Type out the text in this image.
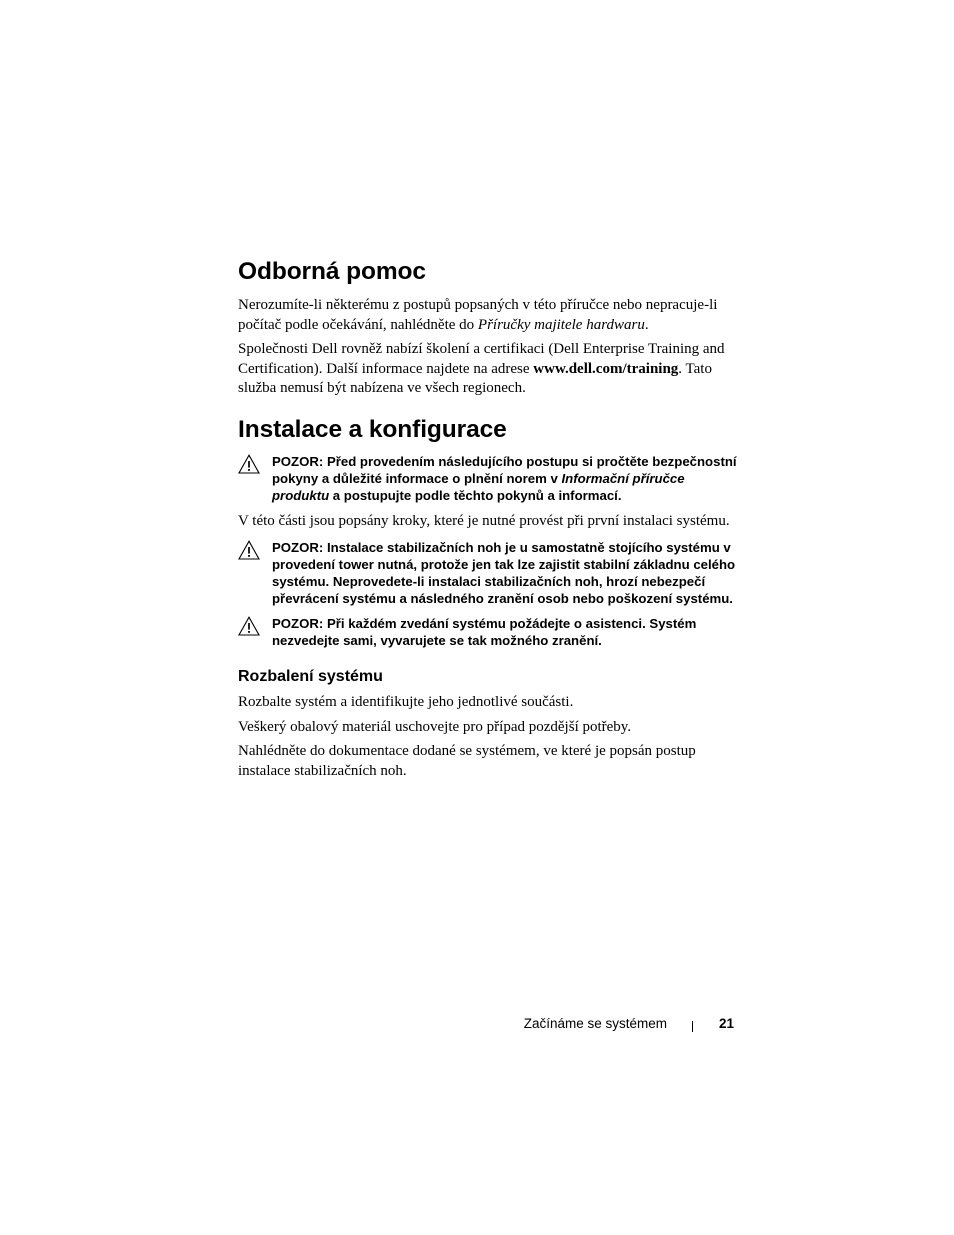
Odborná pomoc

Nerozumíte-li některému z postupů popsaných v této příručce nebo nepracuje-li počítač podle očekávání, nahlédněte do Příručky majitele hardwaru.

Společnosti Dell rovněž nabízí školení a certifikaci (Dell Enterprise Training and Certification). Další informace najdete na adrese www.dell.com/training. Tato služba nemusí být nabízena ve všech regionech.

Instalace a konfigurace
POZOR: Před provedením následujícího postupu si pročtěte bezpečnostní pokyny a důležité informace o plnění norem v Informační příručce produktu a postupujte podle těchto pokynů a informací.

V této části jsou popsány kroky, které je nutné provést při první instalaci systému.

POZOR: Instalace stabilizačních noh je u samostatně stojícího systému v provedení tower nutná, protože jen tak lze zajistit stabilní základnu celého systému. Neprovedete-li instalaci stabilizačních noh, hrozí nebezpečí převrácení systému a následného zranění osob nebo poškození systému.
POZOR: Při každém zvedání systému požádejte o asistenci. Systém nezvedejte sami, vyvarujete se tak možného zranění.
Rozbalení systému

Rozbalte systém a identifikujte jeho jednotlivé součásti.

Veškerý obalový materiál uschovejte pro případ pozdější potřeby.

Nahlédněte do dokumentace dodané se systémem, ve které je popsán postup instalace stabilizačních noh.

Začínáme se systémem	21
